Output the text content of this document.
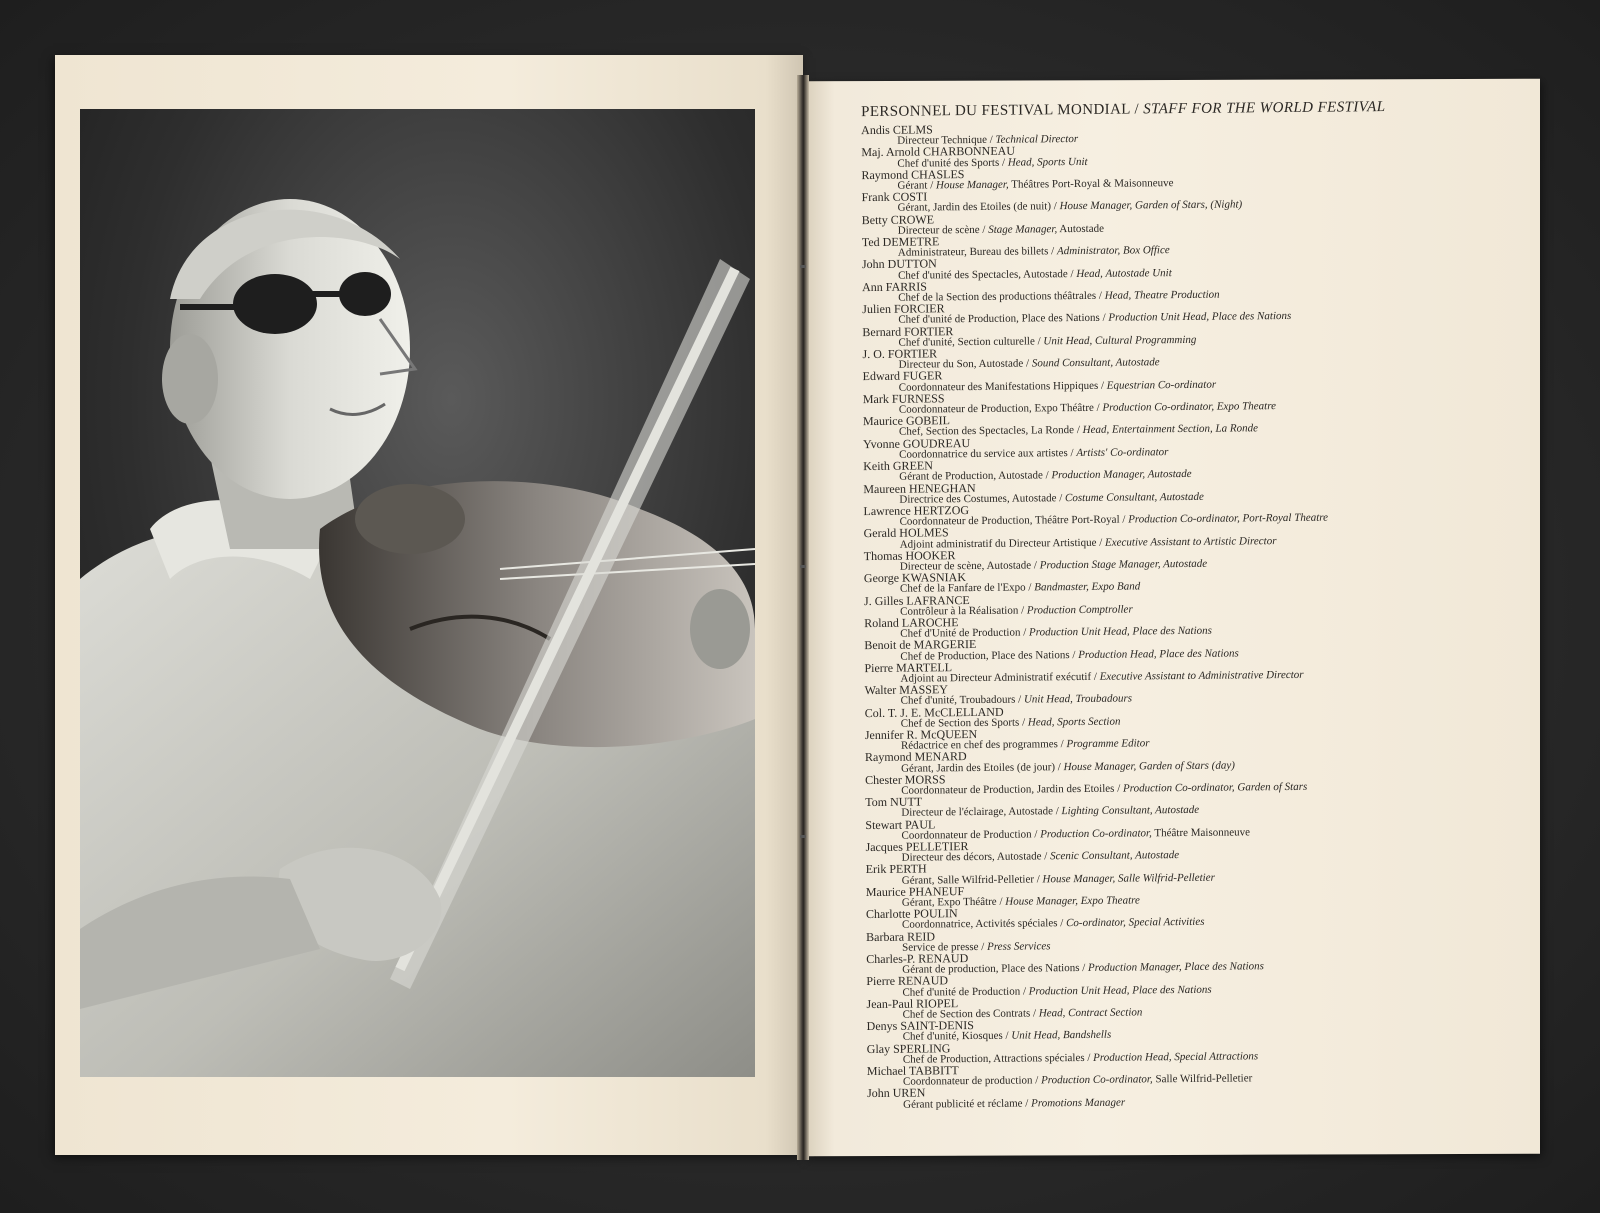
PERSONNEL DU FESTIVAL MONDIAL / STAFF FOR THE WORLD FESTIVAL
Andis CELMS
Directeur Technique / Technical Director
Maj. Arnold CHARBONNEAU
Chef d'unité des Sports / Head, Sports Unit
Raymond CHASLES
Gérant / House Manager, Théâtres Port-Royal & Maisonneuve
Frank COSTI
Gérant, Jardin des Etoiles (de nuit) / House Manager, Garden of Stars, (Night)
Betty CROWE
Directeur de scène / Stage Manager, Autostade
Ted DEMETRE
Administrateur, Bureau des billets / Administrator, Box Office
John DUTTON
Chef d'unité des Spectacles, Autostade / Head, Autostade Unit
Ann FARRIS
Chef de la Section des productions théâtrales / Head, Theatre Production
Julien FORCIER
Chef d'unité de Production, Place des Nations / Production Unit Head, Place des Nations
Bernard FORTIER
Chef d'unité, Section culturelle / Unit Head, Cultural Programming
J. O. FORTIER
Directeur du Son, Autostade / Sound Consultant, Autostade
Edward FUGER
Coordonnateur des Manifestations Hippiques / Equestrian Co-ordinator
Mark FURNESS
Coordonnateur de Production, Expo Théâtre / Production Co-ordinator, Expo Theatre
Maurice GOBEIL
Chef, Section des Spectacles, La Ronde / Head, Entertainment Section, La Ronde
Yvonne GOUDREAU
Coordonnatrice du service aux artistes / Artists' Co-ordinator
Keith GREEN
Gérant de Production, Autostade / Production Manager, Autostade
Maureen HENEGHAN
Directrice des Costumes, Autostade / Costume Consultant, Autostade
Lawrence HERTZOG
Coordonnateur de Production, Théâtre Port-Royal / Production Co-ordinator, Port-Royal Theatre
Gerald HOLMES
Adjoint administratif du Directeur Artistique / Executive Assistant to Artistic Director
Thomas HOOKER
Directeur de scène, Autostade / Production Stage Manager, Autostade
George KWASNIAK
Chef de la Fanfare de l'Expo / Bandmaster, Expo Band
J. Gilles LAFRANCE
Contrôleur à la Réalisation / Production Comptroller
Roland LAROCHE
Chef d'Unité de Production / Production Unit Head, Place des Nations
Benoit de MARGERIE
Chef de Production, Place des Nations / Production Head, Place des Nations
Pierre MARTELL
Adjoint au Directeur Administratif exécutif / Executive Assistant to Administrative Director
Walter MASSEY
Chef d'unité, Troubadours / Unit Head, Troubadours
Col. T. J. E. McCLELLAND
Chef de Section des Sports / Head, Sports Section
Jennifer R. McQUEEN
Rédactrice en chef des programmes / Programme Editor
Raymond MENARD
Gérant, Jardin des Etoiles (de jour) / House Manager, Garden of Stars (day)
Chester MORSS
Coordonnateur de Production, Jardin des Etoiles / Production Co-ordinator, Garden of Stars
Tom NUTT
Directeur de l'éclairage, Autostade / Lighting Consultant, Autostade
Stewart PAUL
Coordonnateur de Production / Production Co-ordinator, Théâtre Maisonneuve
Jacques PELLETIER
Directeur des décors, Autostade / Scenic Consultant, Autostade
Erik PERTH
Gérant, Salle Wilfrid-Pelletier / House Manager, Salle Wilfrid-Pelletier
Maurice PHANEUF
Gérant, Expo Théâtre / House Manager, Expo Theatre
Charlotte POULIN
Coordonnatrice, Activités spéciales / Co-ordinator, Special Activities
Barbara REID
Service de presse / Press Services
Charles-P. RENAUD
Gérant de production, Place des Nations / Production Manager, Place des Nations
Pierre RENAUD
Chef d'unité de Production / Production Unit Head, Place des Nations
Jean-Paul RIOPEL
Chef de Section des Contrats / Head, Contract Section
Denys SAINT-DENIS
Chef d'unité, Kiosques / Unit Head, Bandshells
Glay SPERLING
Chef de Production, Attractions spéciales / Production Head, Special Attractions
Michael TABBITT
Coordonnateur de production / Production Co-ordinator, Salle Wilfrid-Pelletier
John UREN
Gérant publicité et réclame / Promotions Manager
